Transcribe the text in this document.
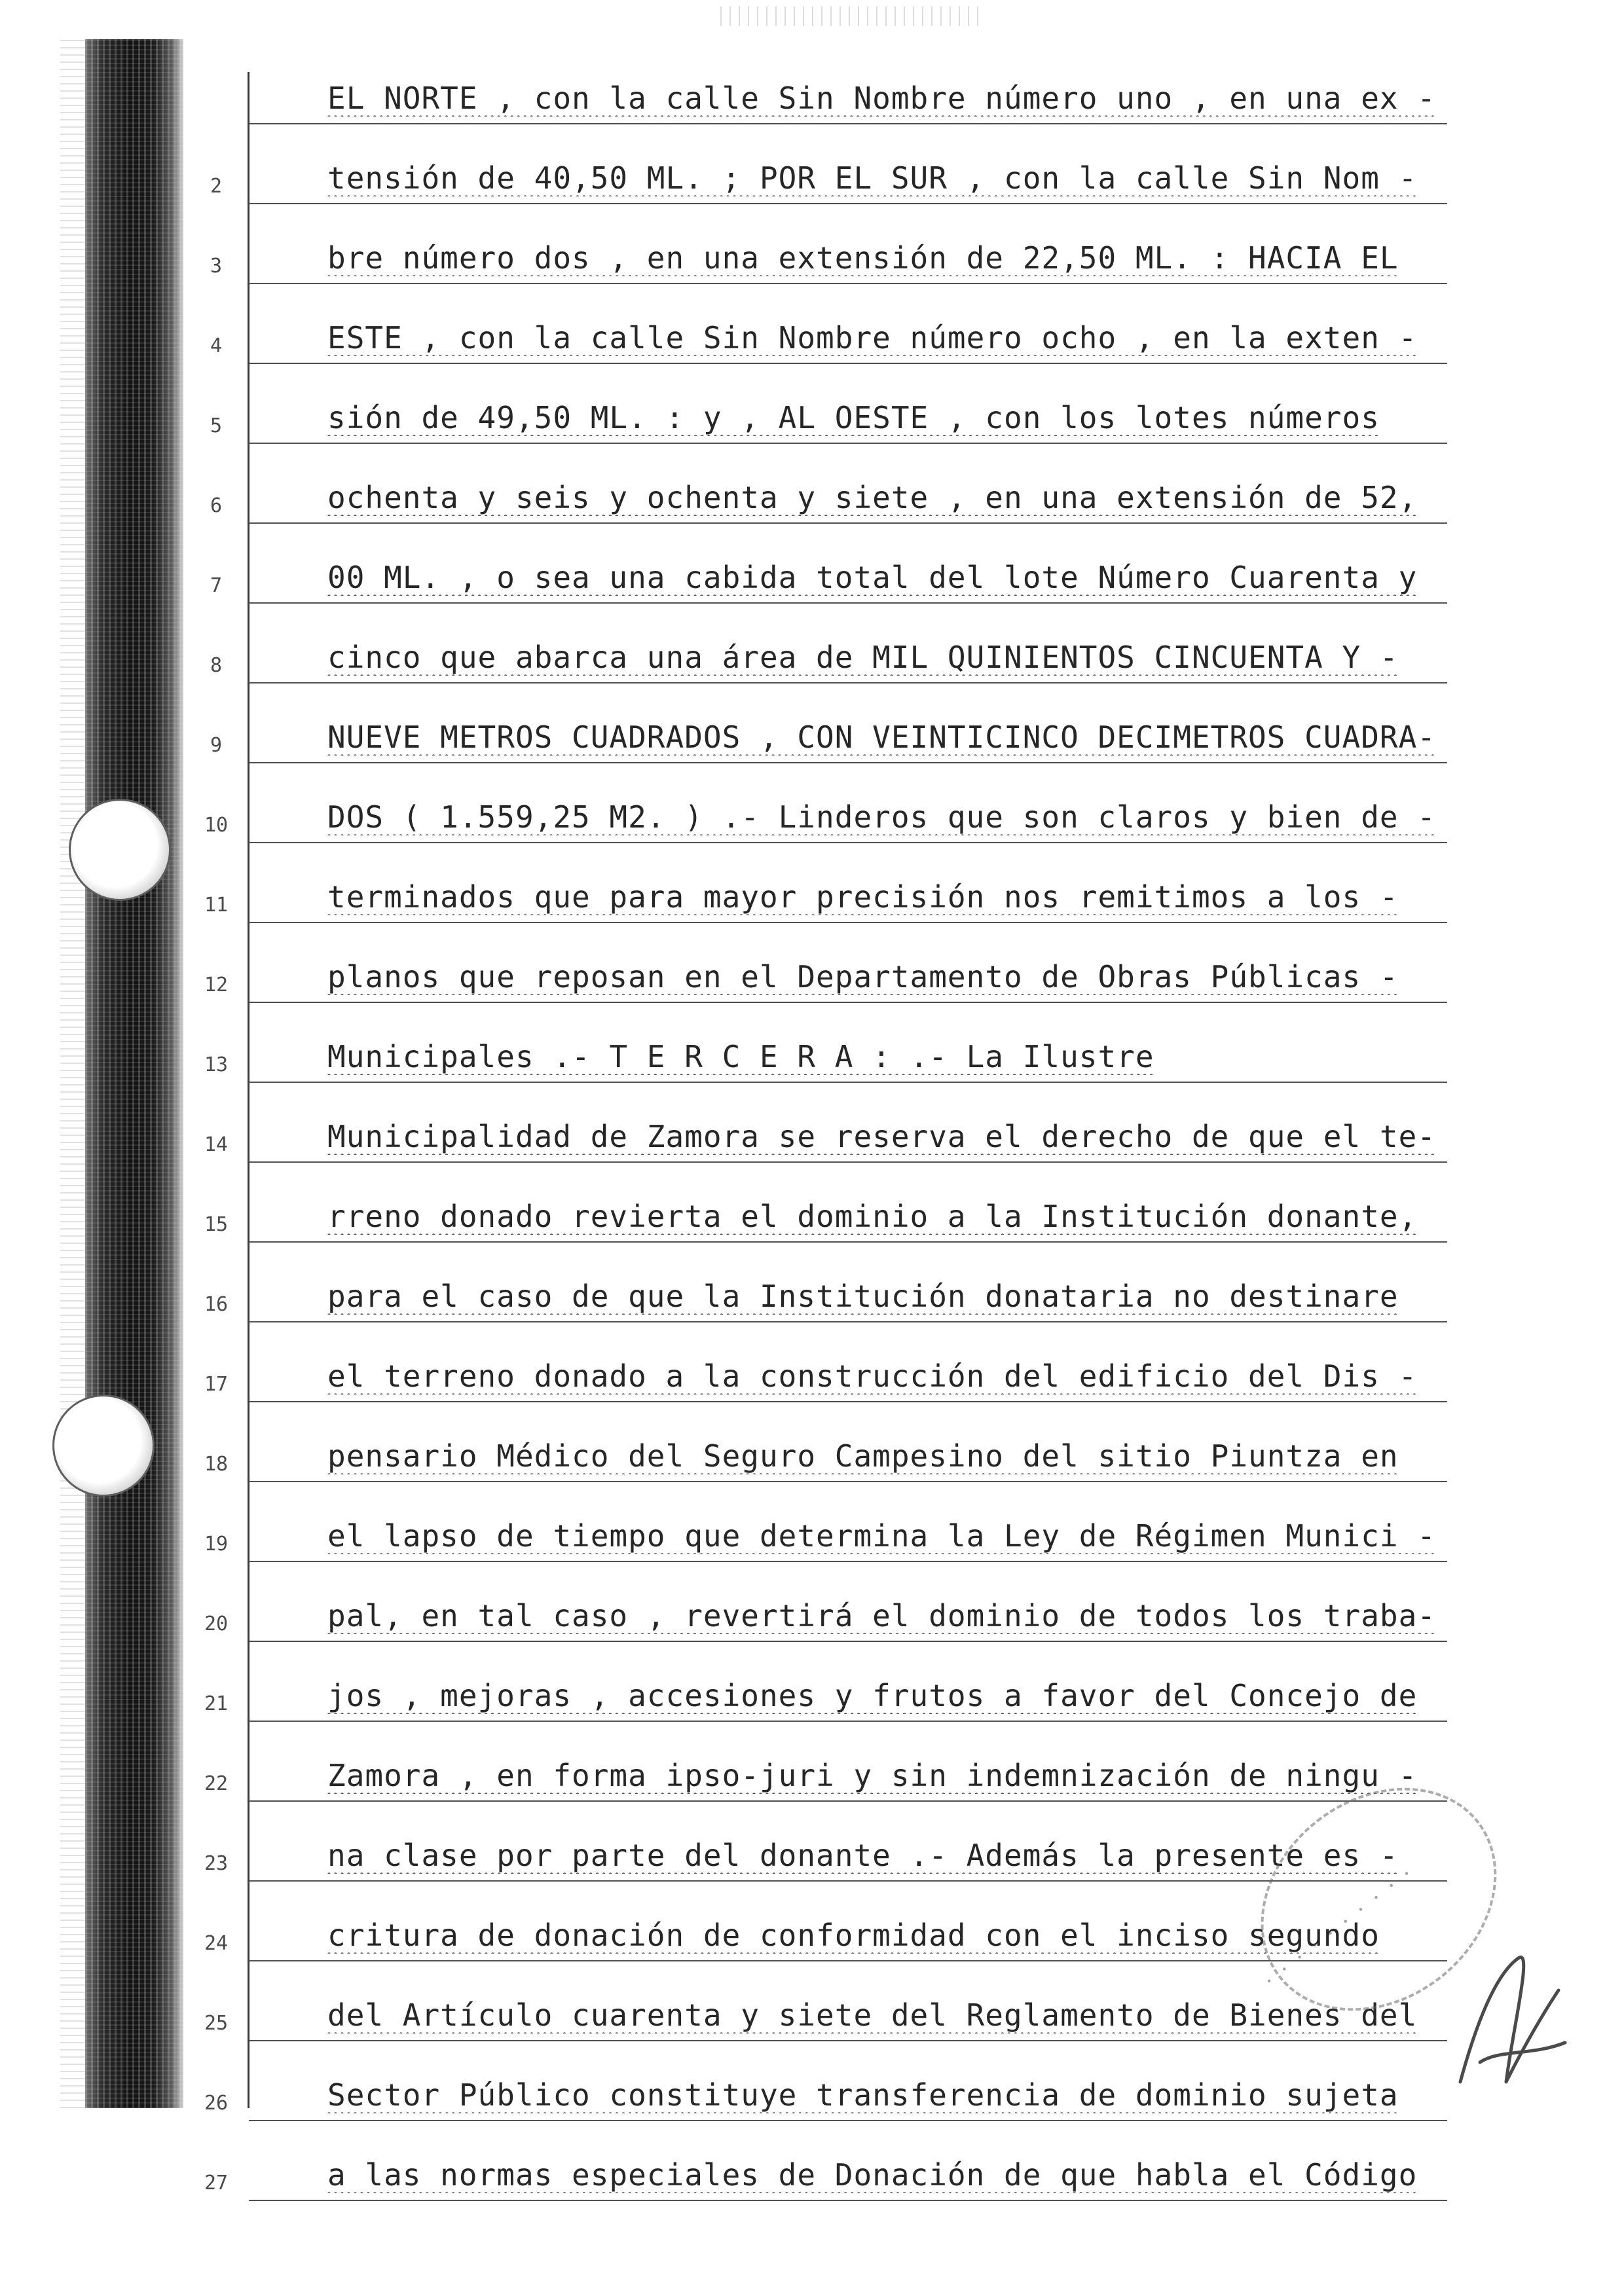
EL NORTE , con la calle Sin Nombre número uno , en una ex -
2	tensión de 40,50 ML. ; POR EL SUR , con la calle Sin Nom -
3	bre número dos , en una extensión de 22,50 ML. : HACIA EL
4	ESTE , con la calle Sin Nombre número ocho , en la exten -
5	sión de 49,50 ML. : y , AL OESTE , con los lotes números
6	ochenta y seis y ochenta y siete , en una extensión de 52,
7	00 ML. , o sea una cabida total del lote Número Cuarenta y
8	cinco que abarca una área de MIL QUINIENTOS CINCUENTA Y -
9	NUEVE METROS CUADRADOS , CON VEINTICINCO DECIMETROS CUADRA-
10	DOS ( 1.559,25 M2. ) .- Linderos que son claros y bien de -
11	terminados que para mayor precisión nos remitimos a los -
12	planos que reposan en el Departamento de Obras Públicas -
13	Municipales .- T E R C E R A : .- La Ilustre
14	Municipalidad de Zamora se reserva el derecho de que el te-
15	rreno donado revierta el dominio a la Institución donante,
16	para el caso de que la Institución donataria no destinare
17	el terreno donado a la construcción del edificio del Dis -
18	pensario Médico del Seguro Campesino del sitio Piuntza en
19	el lapso de tiempo que determina la Ley de Régimen Munici -
20	pal, en tal caso , revertirá el dominio de todos los traba-
21	jos , mejoras , accesiones y frutos a favor del Concejo de
22	Zamora , en forma ipso-juri y sin indemnización de ningu -
23	na clase por parte del donante .- Además la presente es -
24	critura de donación de conformidad con el inciso segundo
25	del Artículo cuarenta y siete del Reglamento de Bienes del
26	Sector Público constituye transferencia de dominio sujeta
27	a las normas especiales de Donación de que habla el Código
· · · · · · · · · ·
